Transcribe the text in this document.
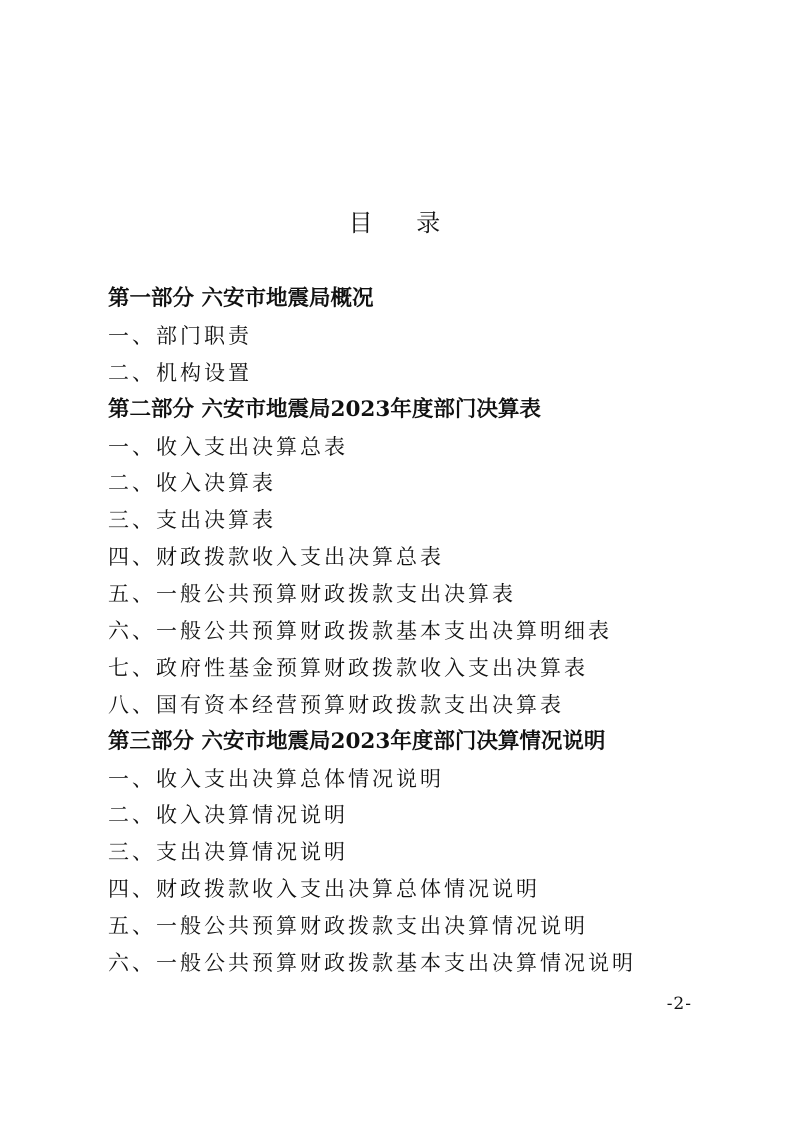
目 录
第一部分 六安市地震局概况
一、部门职责
二、机构设置
第二部分 六安市地震局2023年度部门决算表
一、收入支出决算总表
二、收入决算表
三、支出决算表
四、财政拨款收入支出决算总表
五、一般公共预算财政拨款支出决算表
六、一般公共预算财政拨款基本支出决算明细表
七、政府性基金预算财政拨款收入支出决算表
八、国有资本经营预算财政拨款支出决算表
第三部分 六安市地震局2023年度部门决算情况说明
一、收入支出决算总体情况说明
二、收入决算情况说明
三、支出决算情况说明
四、财政拨款收入支出决算总体情况说明
五、一般公共预算财政拨款支出决算情况说明
六、一般公共预算财政拨款基本支出决算情况说明
-2-
